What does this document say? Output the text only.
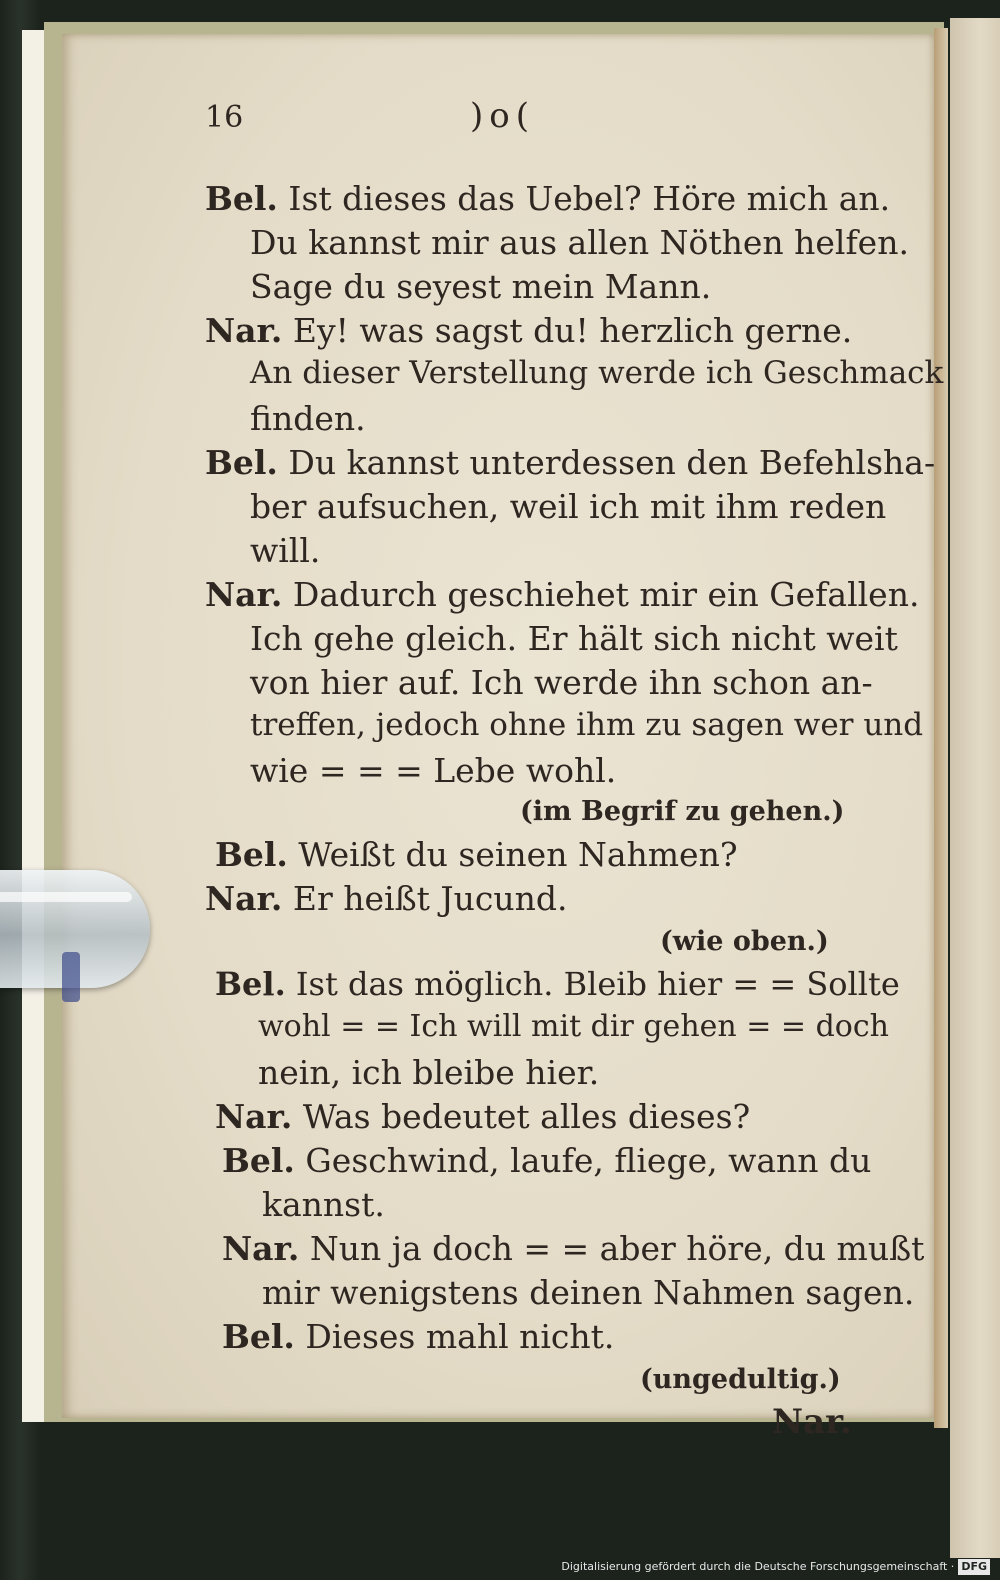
16	)o(
Bel. Ist dieses das Uebel? Höre mich an.
Du kannst mir aus allen Nöthen helfen.
Sage du seyest mein Mann.
Nar. Ey! was sagst du! herzlich gerne.
An dieser Verstellung werde ich Geschmack
finden.
Bel. Du kannst unterdessen den Befehlsha-
ber aufsuchen, weil ich mit ihm reden
will.
Nar. Dadurch geschiehet mir ein Gefallen.
Ich gehe gleich. Er hält sich nicht weit
von hier auf. Ich werde ihn schon an-
treffen, jedoch ohne ihm zu sagen wer und
wie = = = Lebe wohl.
(im Begrif zu gehen.)
Bel. Weißt du seinen Nahmen?
Nar. Er heißt Jucund.
(wie oben.)
Bel. Ist das möglich. Bleib hier = = Sollte
wohl = = Ich will mit dir gehen = = doch
nein, ich bleibe hier.
Nar. Was bedeutet alles dieses?
Bel. Geschwind, laufe, fliege, wann du
kannst.
Nar. Nun ja doch = = aber höre, du mußt
mir wenigstens deinen Nahmen sagen.
Bel. Dieses mahl nicht.
(ungedultig.)
Nar.
Digitalisierung gefördert durch die Deutsche Forschungsgemeinschaft · DFG
